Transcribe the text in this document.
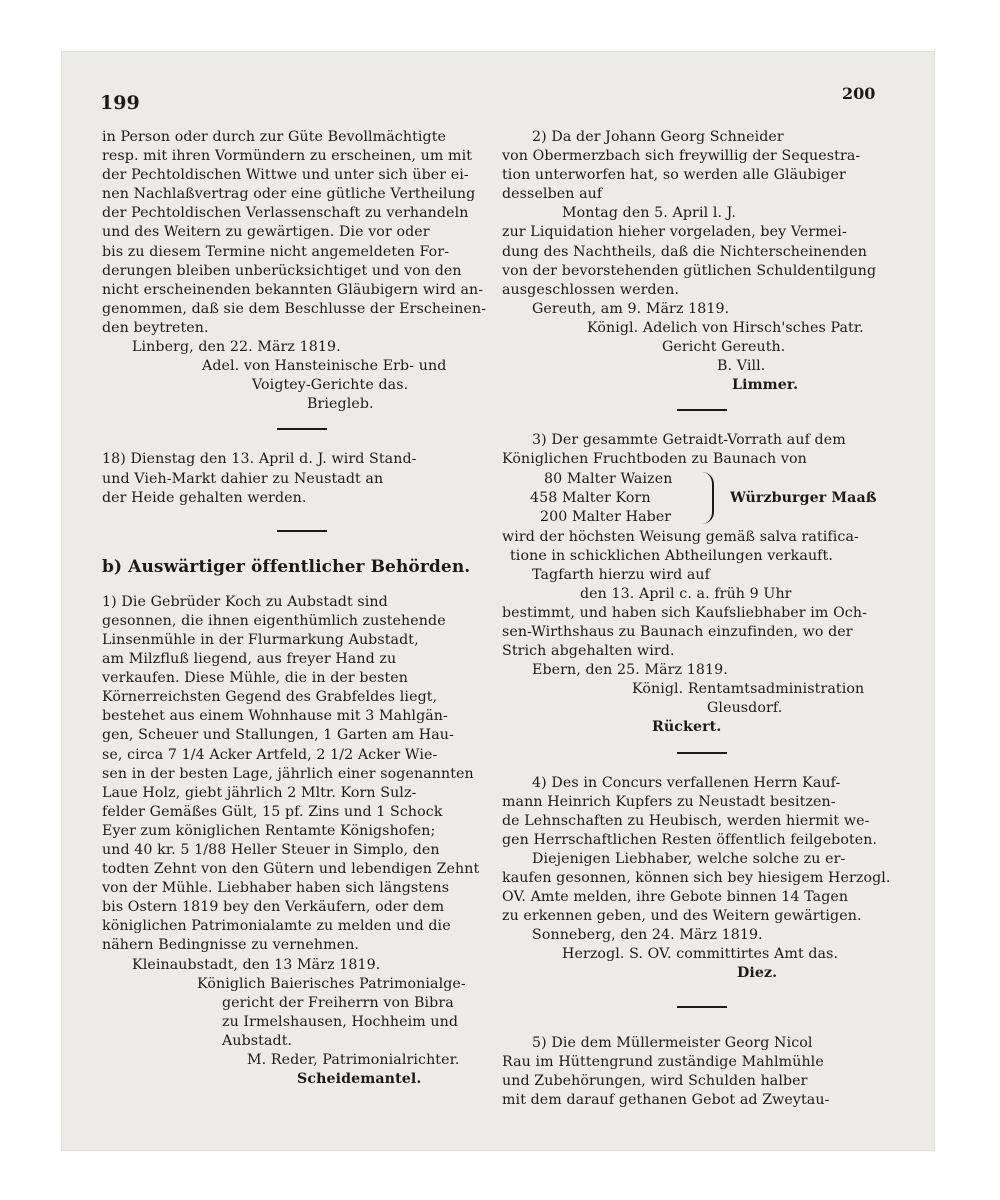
199	200

in Person oder durch zur Güte Bevollmächtigte

resp. mit ihren Vormündern zu erscheinen, um mit

der Pechtoldischen Wittwe und unter sich über ei-

nen Nachlaßvertrag oder eine gütliche Vertheilung

der Pechtoldischen Verlassenschaft zu verhandeln

und des Weitern zu gewärtigen. Die vor oder

bis zu diesem Termine nicht angemeldeten For-

derungen bleiben unberücksichtiget und von den

nicht erscheinenden bekannten Gläubigern wird an-

genommen, daß sie dem Beschlusse der Erscheinen-

den beytreten.

Linberg, den 22. März 1819.

Adel. von Hansteinische Erb- und

Voigtey-Gerichte das.

Briegleb.

18) Dienstag den 13. April d. J. wird Stand-

und Vieh-Markt dahier zu Neustadt an

der Heide gehalten werden.

b) Auswärtiger öffentlicher Behörden.

1) Die Gebrüder Koch zu Aubstadt sind

gesonnen, die ihnen eigenthümlich zustehende

Linsenmühle in der Flurmarkung Aubstadt,

am Milzfluß liegend, aus freyer Hand zu

verkaufen. Diese Mühle, die in der besten

Körnerreichsten Gegend des Grabfeldes liegt,

bestehet aus einem Wohnhause mit 3 Mahlgän-

gen, Scheuer und Stallungen, 1 Garten am Hau-

se, circa 7 1/4 Acker Artfeld, 2 1/2 Acker Wie-

sen in der besten Lage, jährlich einer sogenannten

Laue Holz, giebt jährlich 2 Mltr. Korn Sulz-

felder Gemäßes Gült, 15 pf. Zins und 1 Schock

Eyer zum königlichen Rentamte Königshofen;

und 40 kr. 5 1/88 Heller Steuer in Simplo, den

todten Zehnt von den Gütern und lebendigen Zehnt

von der Mühle. Liebhaber haben sich längstens

bis Ostern 1819 bey den Verkäufern, oder dem

königlichen Patrimonialamte zu melden und die

nähern Bedingnisse zu vernehmen.

Kleinaubstadt, den 13 März 1819.

Königlich Baierisches Patrimonialge-

gericht der Freiherrn von Bibra

zu Irmelshausen, Hochheim und

Aubstadt.

M. Reder, Patrimonialrichter.

Scheidemantel.

2) Da der Johann Georg Schneider

von Obermerzbach sich freywillig der Sequestra-

tion unterworfen hat, so werden alle Gläubiger

desselben auf

Montag den 5. April l. J.

zur Liquidation hieher vorgeladen, bey Vermei-

dung des Nachtheils, daß die Nichterscheinenden

von der bevorstehenden gütlichen Schuldentilgung

ausgeschlossen werden.

Gereuth, am 9. März 1819.

Königl. Adelich von Hirsch'sches Patr.

Gericht Gereuth.

B. Vill.

Limmer.

3) Der gesammte Getraidt-Vorrath auf dem

Königlichen Fruchtboden zu Baunach von

80 Malter Waizen
458 Malter Korn
200 Malter Haber
Würzburger Maaß

wird der höchsten Weisung gemäß salva ratifica-

tione in schicklichen Abtheilungen verkauft.

Tagfarth hierzu wird auf

den 13. April c. a. früh 9 Uhr

bestimmt, und haben sich Kaufsliebhaber im Och-

sen-Wirthshaus zu Baunach einzufinden, wo der

Strich abgehalten wird.

Ebern, den 25. März 1819.

Königl. Rentamtsadministration

Gleusdorf.

Rückert.

4) Des in Concurs verfallenen Herrn Kauf-

mann Heinrich Kupfers zu Neustadt besitzen-

de Lehnschaften zu Heubisch, werden hiermit we-

gen Herrschaftlichen Resten öffentlich feilgeboten.

Diejenigen Liebhaber, welche solche zu er-

kaufen gesonnen, können sich bey hiesigem Herzogl.

OV. Amte melden, ihre Gebote binnen 14 Tagen

zu erkennen geben, und des Weitern gewärtigen.

Sonneberg, den 24. März 1819.

Herzogl. S. OV. committirtes Amt das.

Diez.

5) Die dem Müllermeister Georg Nicol

Rau im Hüttengrund zuständige Mahlmühle

und Zubehörungen, wird Schulden halber

mit dem darauf gethanen Gebot ad Zweytau-
